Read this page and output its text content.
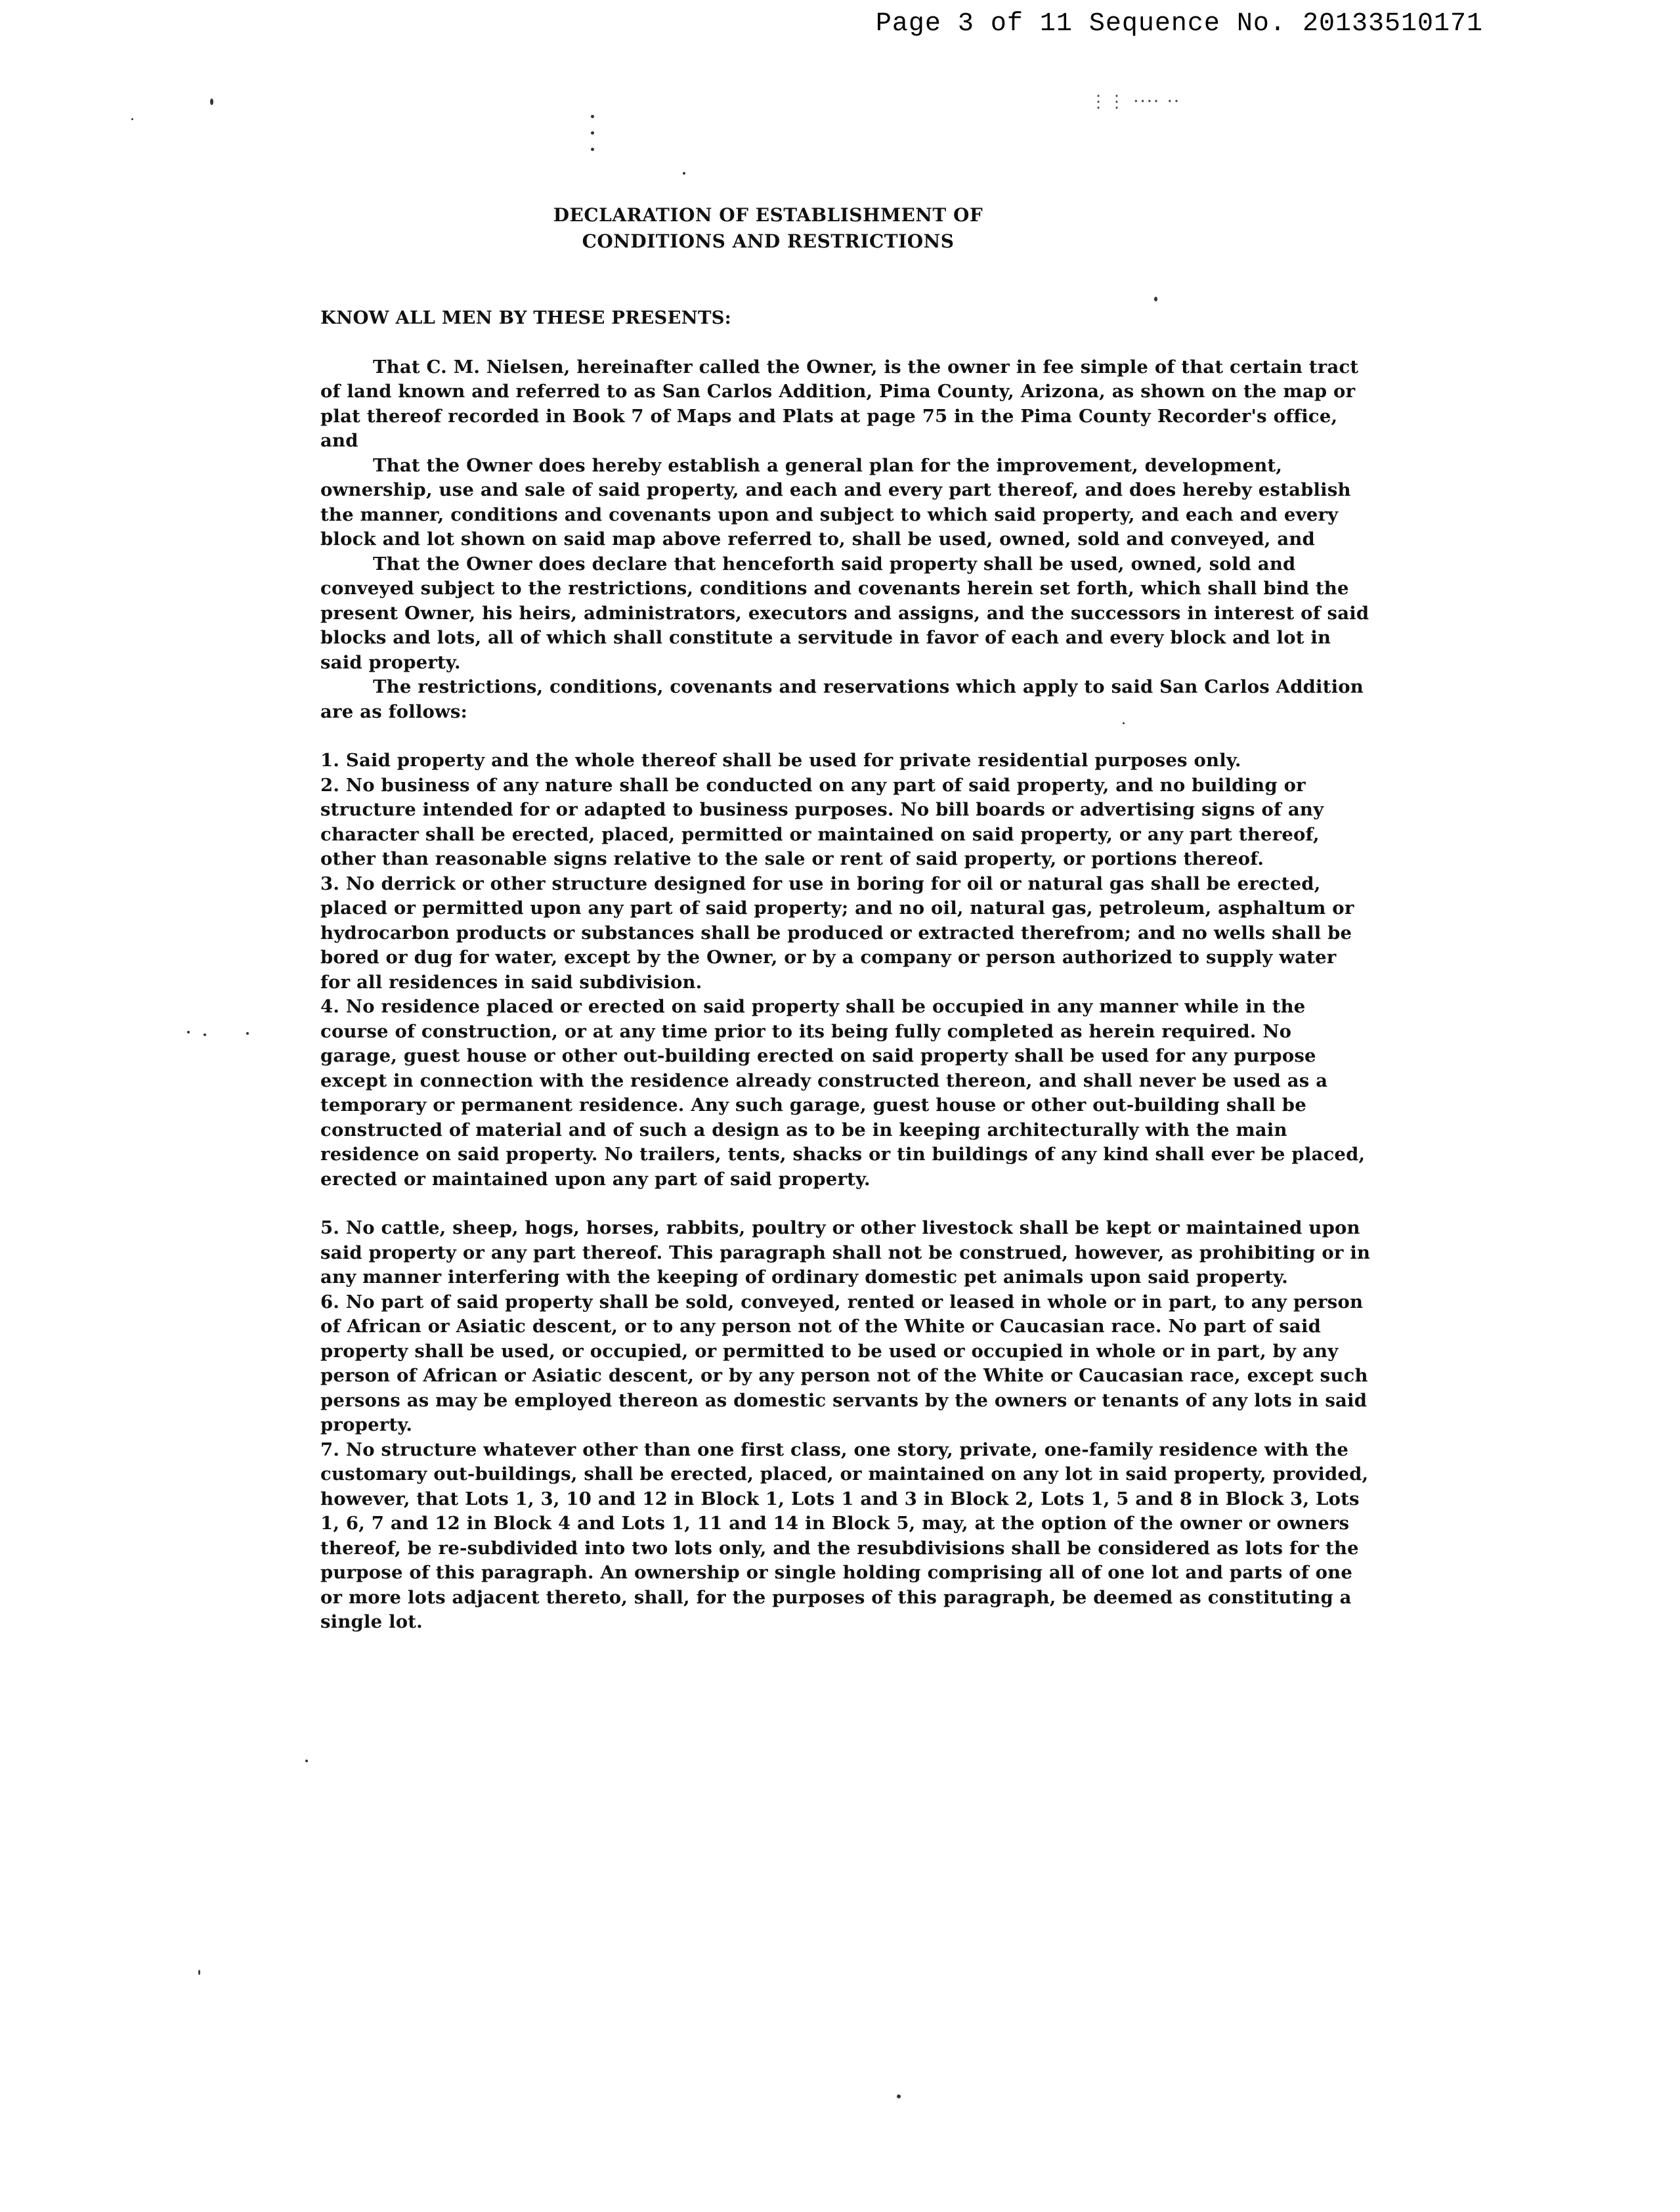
Page 3 of 11 Sequence No. 20133510171
⋮⋮ ···· ··
DECLARATION OF ESTABLISHMENT OF
CONDITIONS AND RESTRICTIONS

KNOW ALL MEN BY THESE PRESENTS:

That C. M. Nielsen, hereinafter called the Owner, is the owner in fee simple of that certain tract of land known and referred to as San Carlos Addition, Pima County, Arizona, as shown on the map or plat thereof recorded in Book 7 of Maps and Plats at page 75 in the Pima County Recorder's office, and

That the Owner does hereby establish a general plan for the improvement, development, ownership, use and sale of said property, and each and every part thereof, and does hereby establish the manner, conditions and covenants upon and subject to which said property, and each and every block and lot shown on said map above referred to, shall be used, owned, sold and conveyed, and

That the Owner does declare that henceforth said property shall be used, owned, sold and conveyed subject to the restrictions, conditions and covenants herein set forth, which shall bind the present Owner, his heirs, administrators, executors and assigns, and the successors in interest of said blocks and lots, all of which shall constitute a servitude in favor of each and every block and lot in said property.

The restrictions, conditions, covenants and reservations which apply to said San Carlos Addition are as follows:

1. Said property and the whole thereof shall be used for private residential purposes only.

2. No business of any nature shall be conducted on any part of said property, and no building or structure intended for or adapted to business purposes. No bill boards or advertising signs of any character shall be erected, placed, permitted or maintained on said property, or any part thereof, other than reasonable signs relative to the sale or rent of said property, or portions thereof.

3. No derrick or other structure designed for use in boring for oil or natural gas shall be erected, placed or permitted upon any part of said property; and no oil, natural gas, petroleum, asphaltum or hydrocarbon products or substances shall be produced or extracted therefrom; and no wells shall be bored or dug for water, except by the Owner, or by a company or person authorized to supply water for all residences in said subdivision.

4. No residence placed or erected on said property shall be occupied in any manner while in the course of construction, or at any time prior to its being fully completed as herein required. No garage, guest house or other out-building erected on said property shall be used for any purpose except in connection with the residence already constructed thereon, and shall never be used as a temporary or permanent residence. Any such garage, guest house or other out-building shall be constructed of material and of such a design as to be in keeping architecturally with the main residence on said property. No trailers, tents, shacks or tin buildings of any kind shall ever be placed, erected or maintained upon any part of said property.

5. No cattle, sheep, hogs, horses, rabbits, poultry or other livestock shall be kept or maintained upon said property or any part thereof. This paragraph shall not be construed, however, as prohibiting or in any manner interfering with the keeping of ordinary domestic pet animals upon said property.

6. No part of said property shall be sold, conveyed, rented or leased in whole or in part, to any person of African or Asiatic descent, or to any person not of the White or Caucasian race. No part of said property shall be used, or occupied, or permitted to be used or occupied in whole or in part, by any person of African or Asiatic descent, or by any person not of the White or Caucasian race, except such persons as may be employed thereon as domestic servants by the owners or tenants of any lots in said property.

7. No structure whatever other than one first class, one story, private, one-family residence with the customary out-buildings, shall be erected, placed, or maintained on any lot in said property, provided, however, that Lots 1, 3, 10 and 12 in Block 1, Lots 1 and 3 in Block 2, Lots 1, 5 and 8 in Block 3, Lots 1, 6, 7 and 12 in Block 4 and Lots 1, 11 and 14 in Block 5, may, at the option of the owner or owners thereof, be re-subdivided into two lots only, and the resubdivisions shall be considered as lots for the purpose of this paragraph. An ownership or single holding comprising all of one lot and parts of one or more lots adjacent thereto, shall, for the purposes of this paragraph, be deemed as constituting a single lot.
